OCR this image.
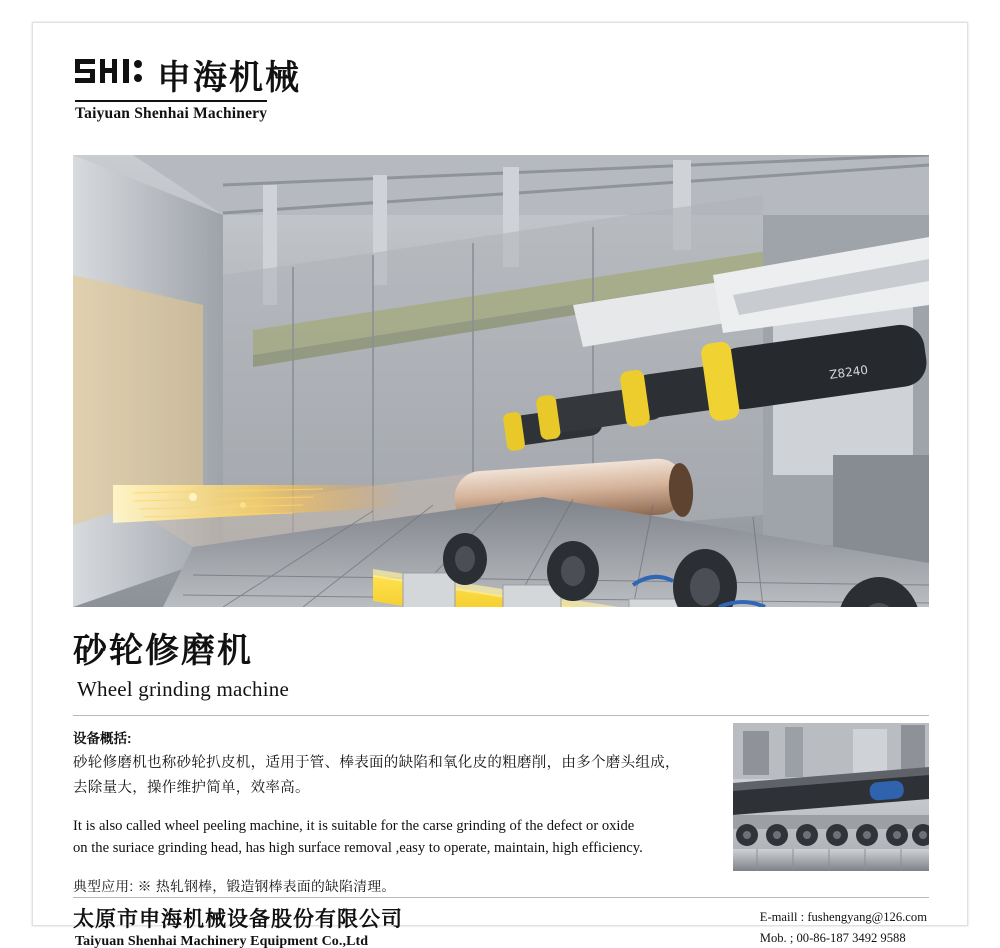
申海机械
Taiyuan Shenhai Machinery
Z8240
砂轮修磨机
Wheel grinding machine
设备概括:
砂轮修磨机也称砂轮扒皮机，适用于管、棒表面的缺陷和氧化皮的粗磨削，由多个磨头组成，
去除量大，操作维护简单，效率高。
It is also called wheel peeling machine, it is suitable for the carse grinding of the defect or oxide
on the suriace grinding head, has high surface removal ,easy to operate, maintain, high efficiency.
典型应用: ※ 热轧钢棒，锻造钢棒表面的缺陷清理。
太原市申海机械设备股份有限公司
Taiyuan Shenhai Machinery Equipment Co.,Ltd
E-maill : fushengyang@126.com
Mob. ; 00-86-187 3492 9588
